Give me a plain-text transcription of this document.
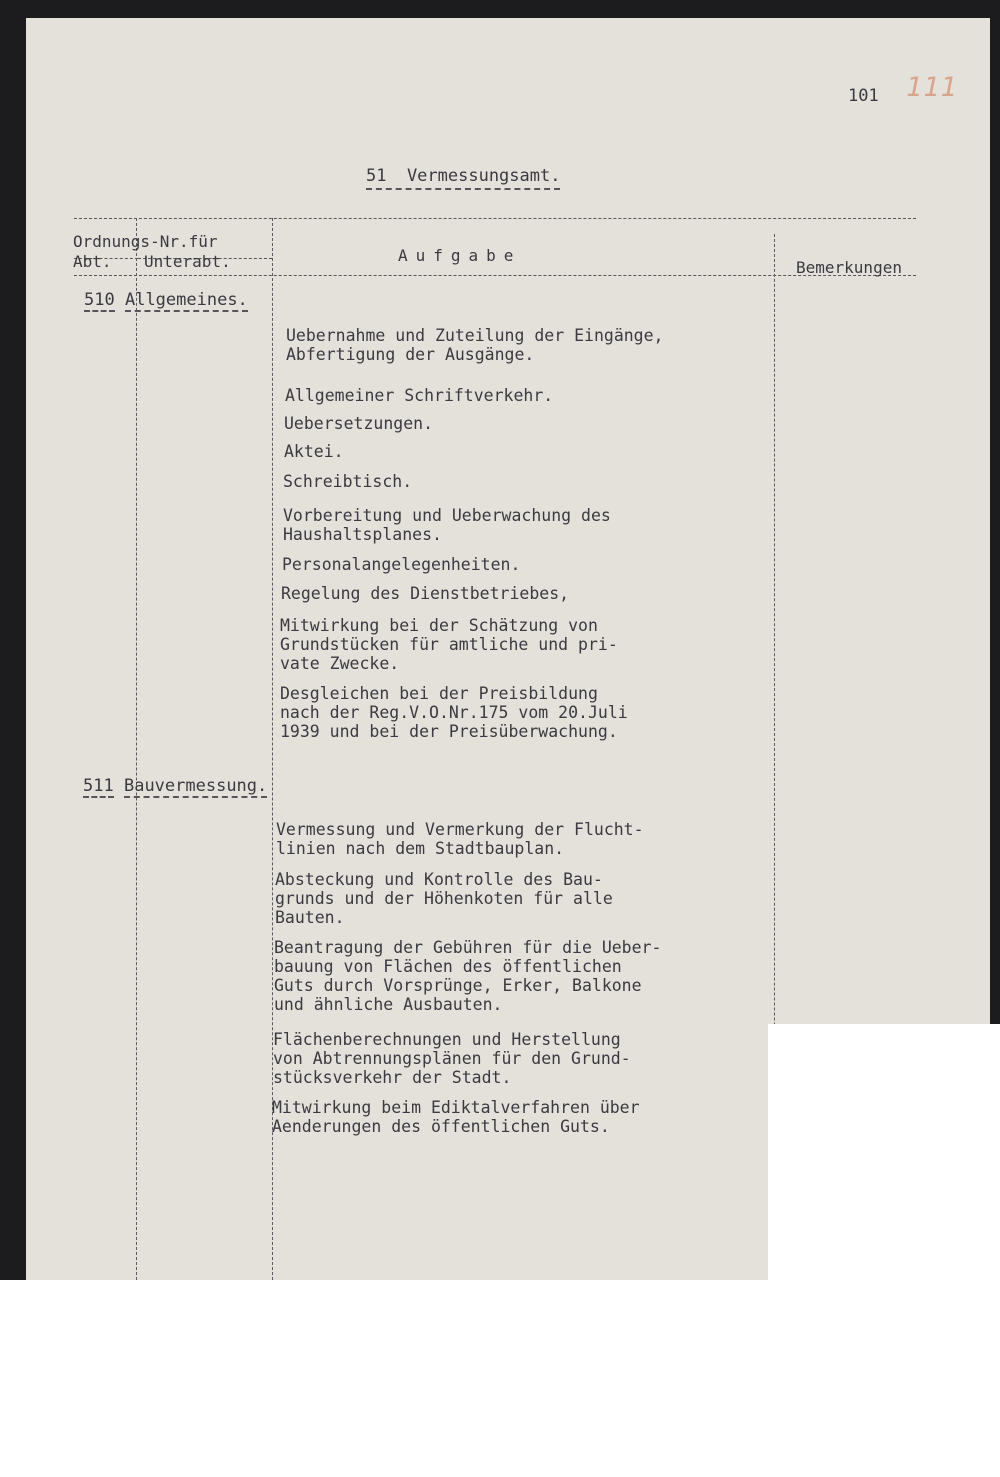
101 111
51  Vermessungsamt.
Ordnungs-Nr.für
Abt. Unterabt.	Aufgabe
Bemerkungen
510 Allgemeines.
Uebernahme und Zuteilung der Eingänge,
Abfertigung der Ausgänge.
Allgemeiner Schriftverkehr.
Uebersetzungen.
Aktei.
Schreibtisch.
Vorbereitung und Ueberwachung des
Haushaltsplanes.
Personalangelegenheiten.
Regelung des Dienstbetriebes,
Mitwirkung bei der Schätzung von
Grundstücken für amtliche und pri-
vate Zwecke.
Desgleichen bei der Preisbildung
nach der Reg.V.O.Nr.175 vom 20.Juli
1939 und bei der Preisüberwachung.
511 Bauvermessung.
Vermessung und Vermerkung der Flucht-
linien nach dem Stadtbauplan.
Absteckung und Kontrolle des Bau-
grunds und der Höhenkoten für alle
Bauten.
Beantragung der Gebühren für die Ueber-
bauung von Flächen des öffentlichen
Guts durch Vorsprünge, Erker, Balkone
und ähnliche Ausbauten.
Flächenberechnungen und Herstellung
von Abtrennungsplänen für den Grund-
stücksverkehr der Stadt.
Mitwirkung beim Ediktalverfahren über
Aenderungen des öffentlichen Guts.
